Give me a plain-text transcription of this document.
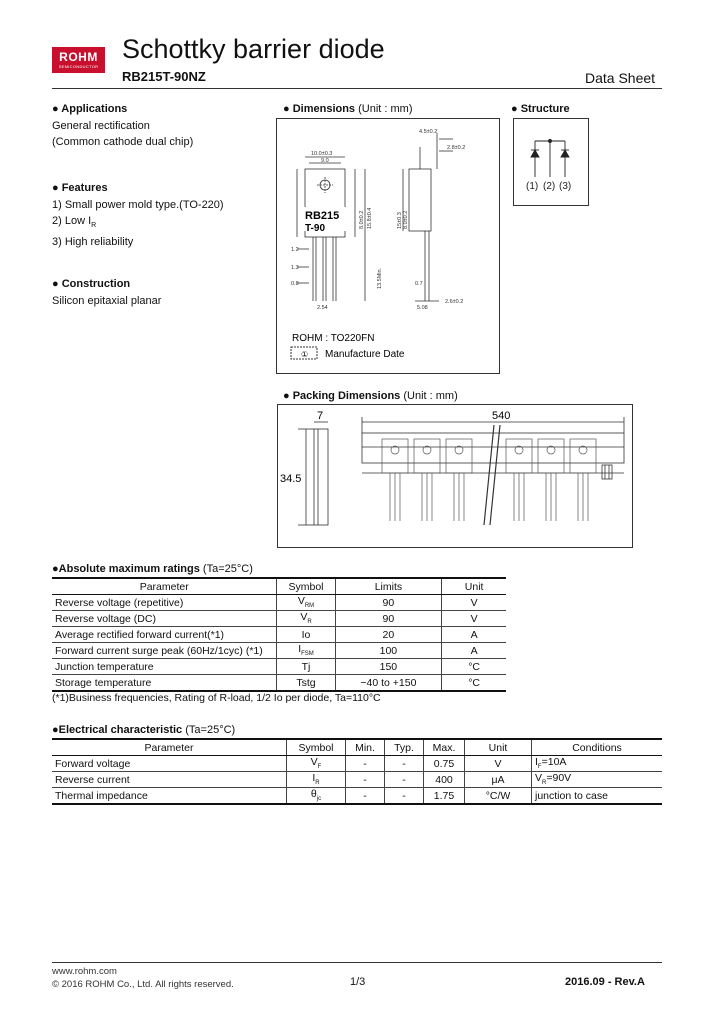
ROHM
SEMICONDUCTOR
Schottky barrier diode
RB215T-90NZ	Data Sheet
● Applications
General rectification
(Common cathode dual chip)
● Features
1) Small power mold type.(TO-220)
2) Low $I_R$
3) High reliability
● Construction
Silicon epitaxial planar
● Dimensions (Unit : mm)
RB215
T-90
10.0±0.3
9.0
4.5±0.2
2.8±0.2
0.7
2.6±0.2
5.08
1.2
1.3
0.8
2.54
8.0±0.2 15.8±0.4
13.5Min.
15±0.3 8.0±0.2
ROHM : TO220FN
① Manufacture Date
● Structure
(1) (2) (3)
● Packing Dimensions (Unit : mm)
7
34.5
540
●Absolute maximum ratings (Ta=25°C)
Parameter	Symbol	Limits	Unit
Reverse voltage (repetitive)	$V_{RM}$	90	V
Reverse voltage (DC)	$V_R$	90	V
Average rectified forward current(*1)	Io	20	A
Forward current surge peak (60Hz/1cyc) (*1)	$I_{FSM}$	100	A
Junction temperature	Tj	150	°C
Storage temperature	Tstg	−40 to +150	°C
(*1)Business frequencies, Rating of R-load, 1/2 Io per diode, Ta=110°C
●Electrical characteristic (Ta=25°C)
Parameter	Symbol	Min.	Typ.	Max.	Unit	Conditions
Forward voltage	$V_F$	-	-	0.75	V	$I_F=10A$
Reverse current	$I_R$	-	-	400	μA	$V_R=90V$
Thermal impedance	$\theta_{jc}$	-	-	1.75	°C/W	junction to case
www.rohm.com
© 2016 ROHM Co., Ltd. All rights reserved.	1/3	2016.09 - Rev.A
